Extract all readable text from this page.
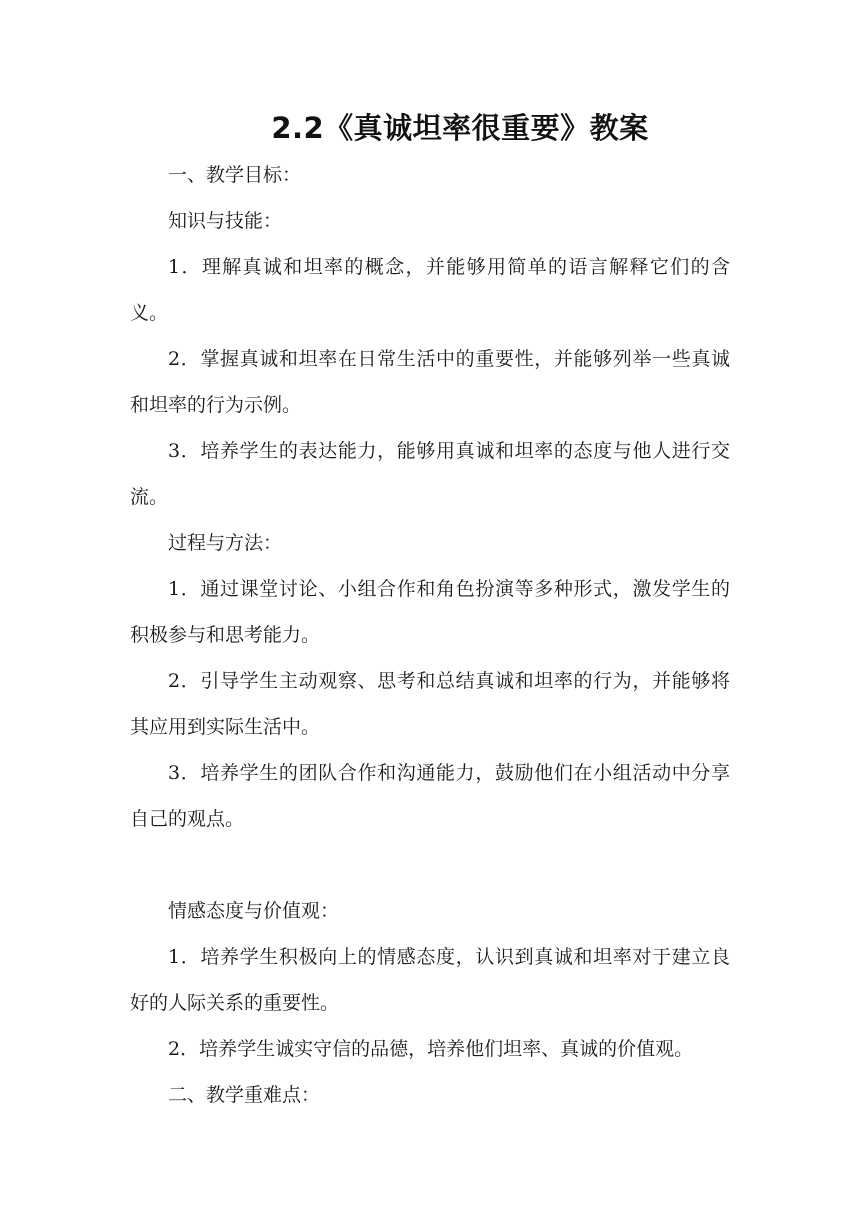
2.2《真诚坦率很重要》教案

一、教学目标：

知识与技能：

1．理解真诚和坦率的概念，并能够用简单的语言解释它们的含义。

2．掌握真诚和坦率在日常生活中的重要性，并能够列举一些真诚和坦率的行为示例。

3．培养学生的表达能力，能够用真诚和坦率的态度与他人进行交流。

过程与方法：

1．通过课堂讨论、小组合作和角色扮演等多种形式，激发学生的积极参与和思考能力。

2．引导学生主动观察、思考和总结真诚和坦率的行为，并能够将其应用到实际生活中。

3．培养学生的团队合作和沟通能力，鼓励他们在小组活动中分享自己的观点。

情感态度与价值观：

1．培养学生积极向上的情感态度，认识到真诚和坦率对于建立良好的人际关系的重要性。

2．培养学生诚实守信的品德，培养他们坦率、真诚的价值观。

二、教学重难点：
